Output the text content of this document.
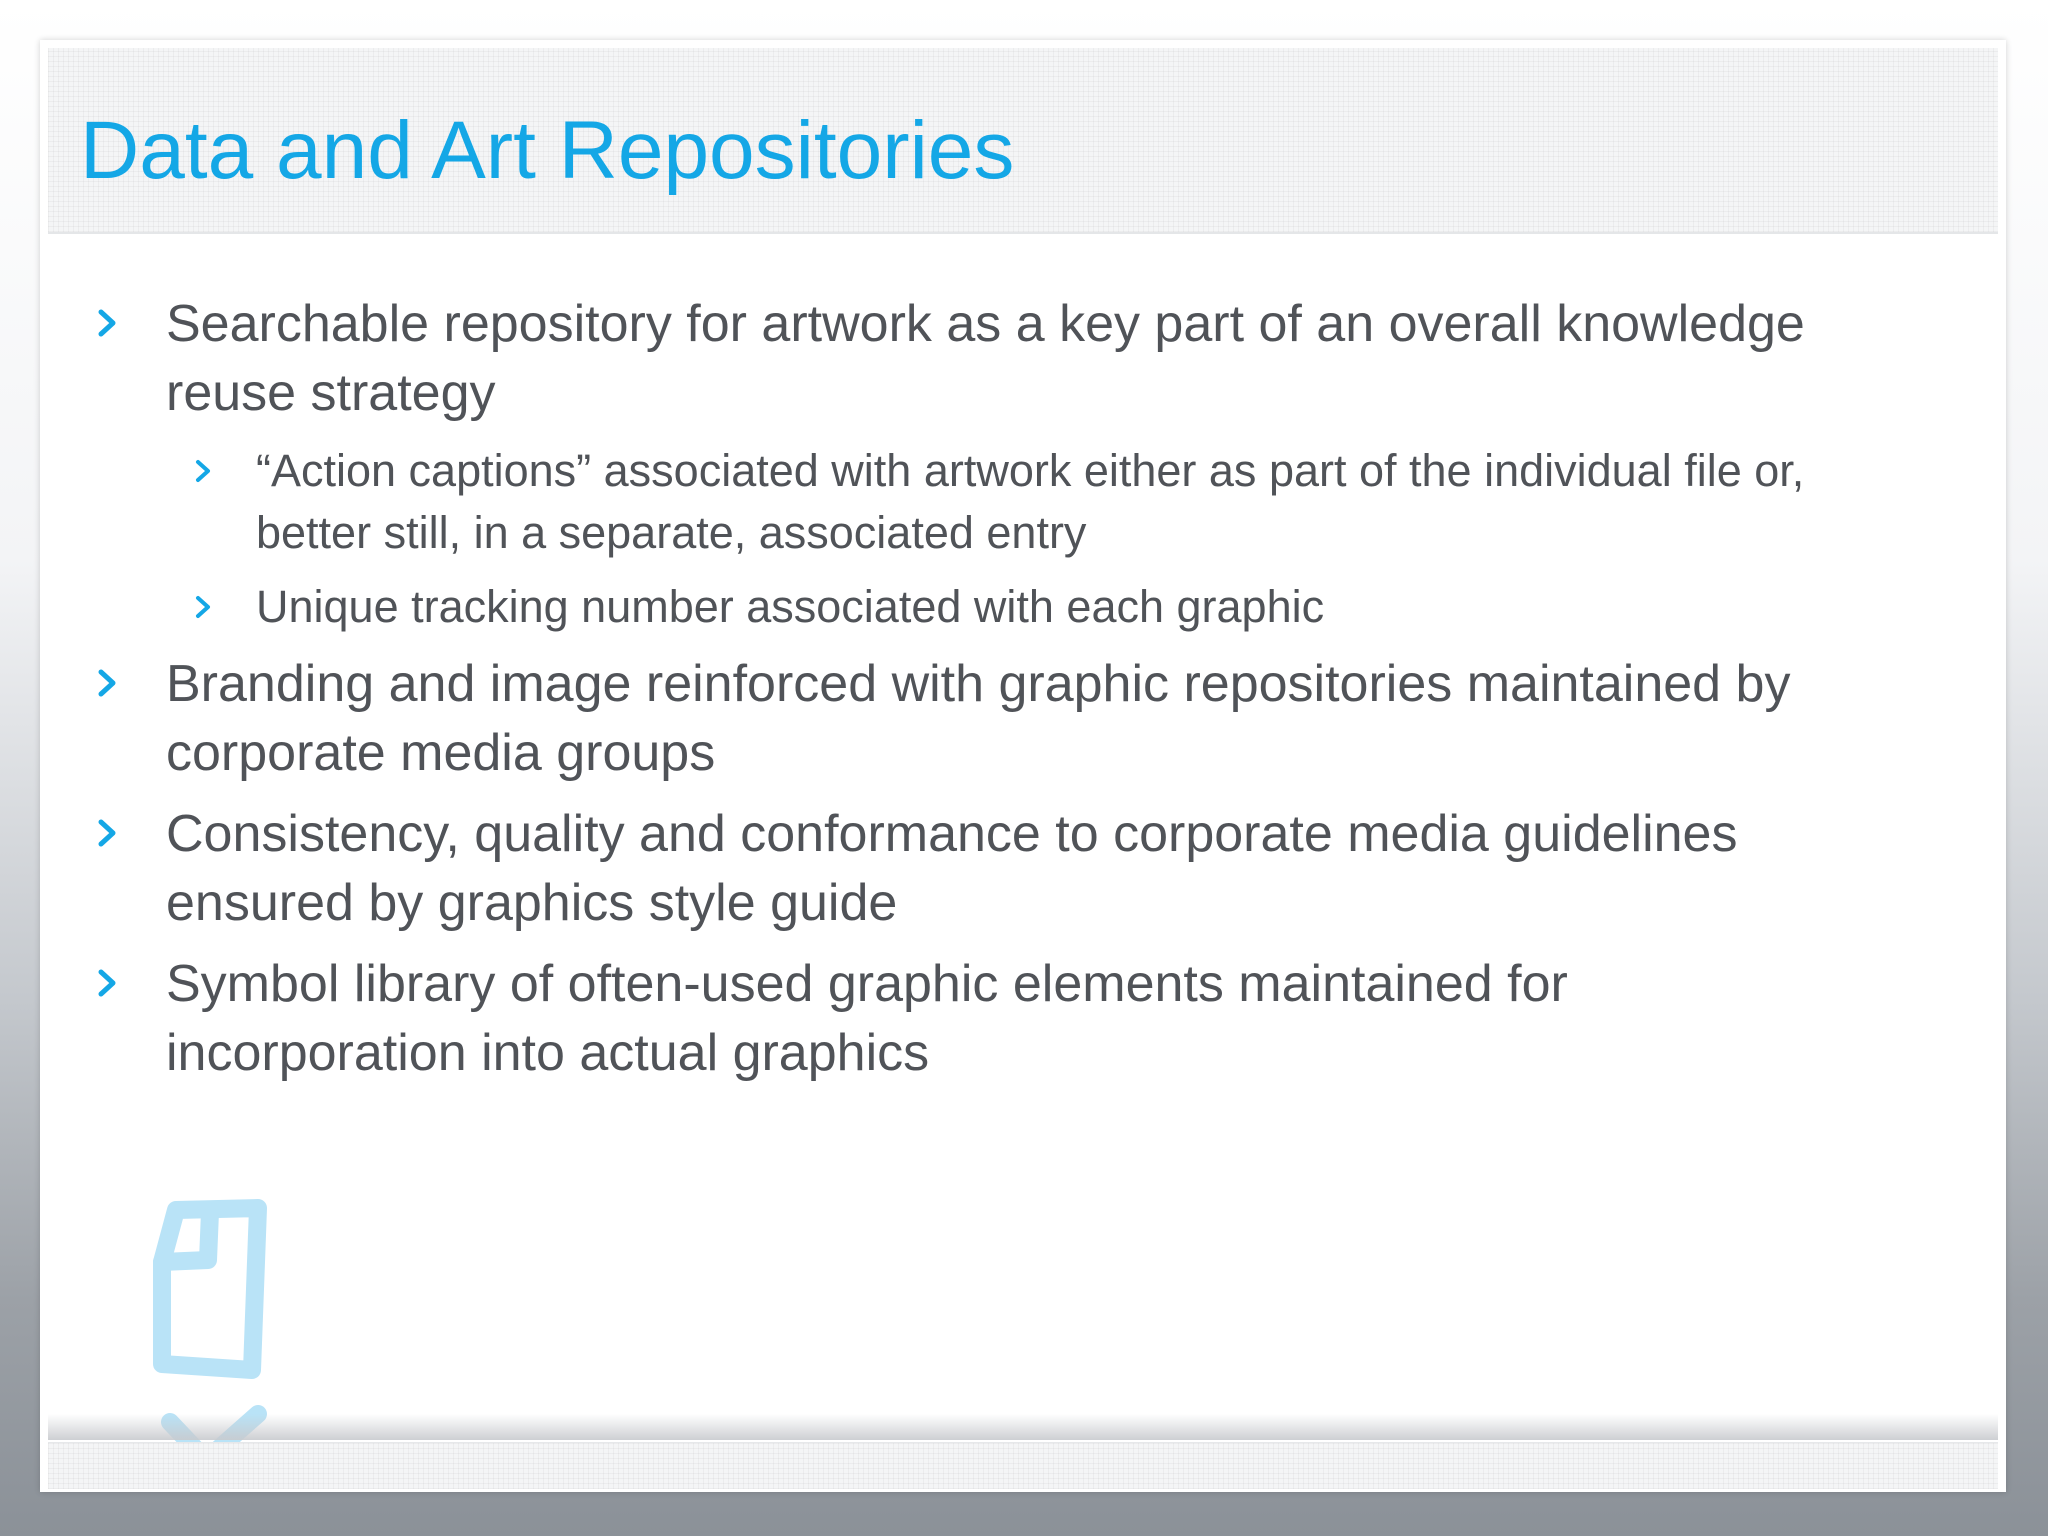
Data and Art Repositories
Searchable repository for artwork as a key part of an overall knowledge reuse strategy
“Action captions” associated with artwork either as part of the individual file or, better still, in a separate, associated entry
Unique tracking number associated with each graphic
Branding and image reinforced with graphic repositories maintained by corporate media groups
Consistency, quality and conformance to corporate media guidelines ensured by graphics style guide
Symbol library of often-used graphic elements maintained for incorporation into actual graphics
